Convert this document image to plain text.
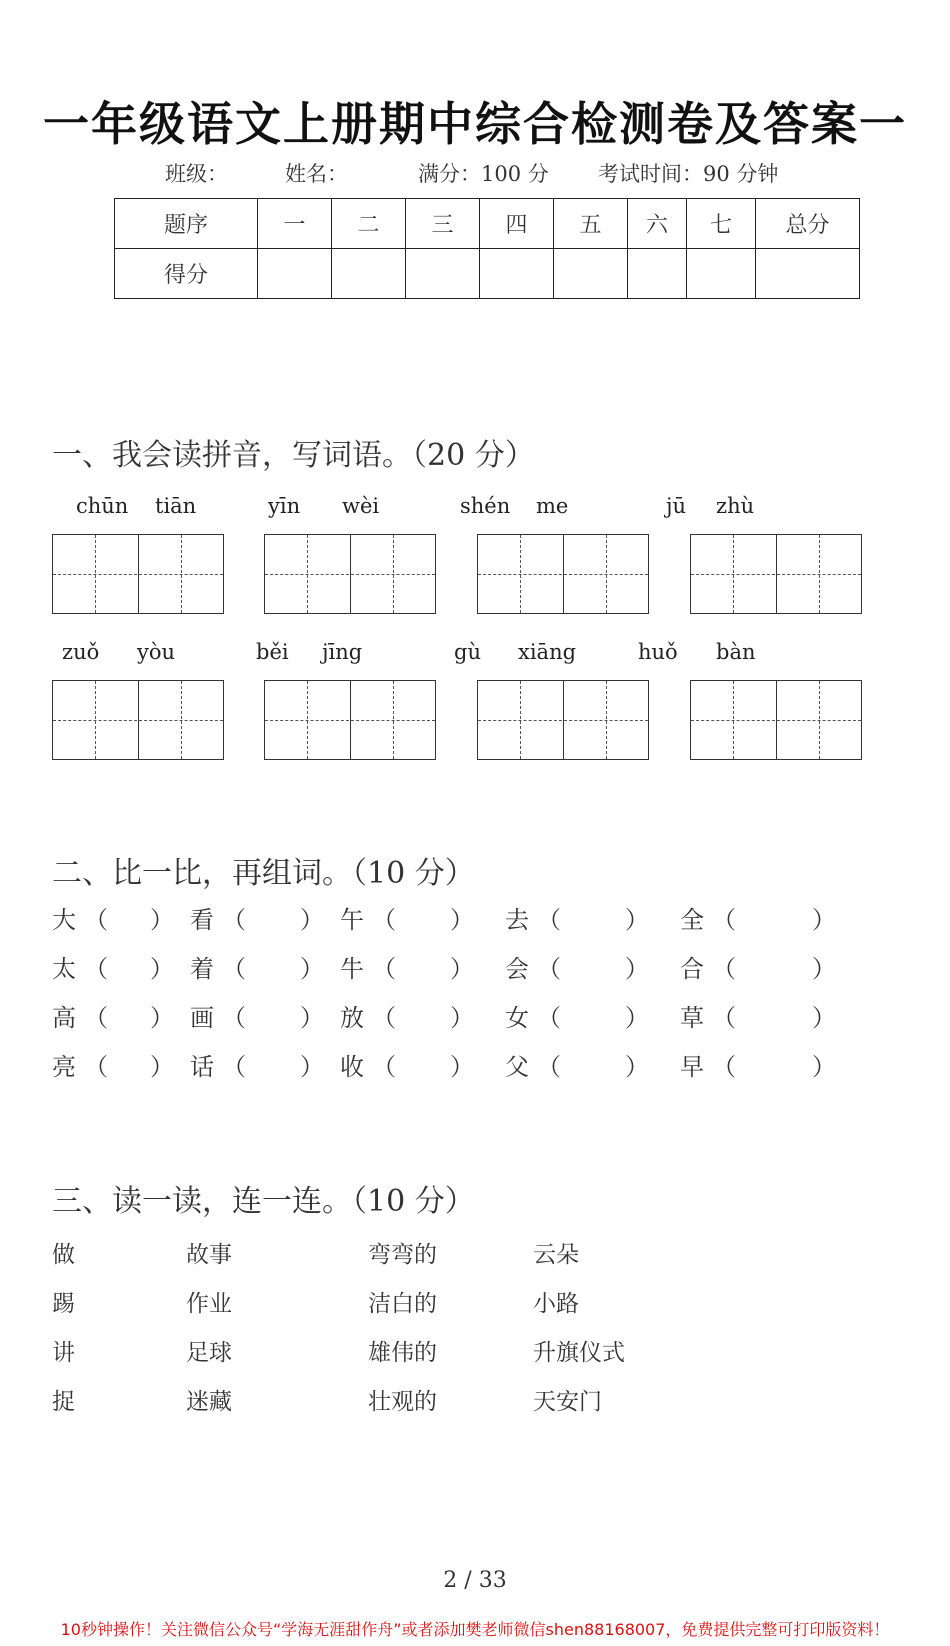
一年级语文上册期中综合检测卷及答案一
班级：	姓名：	满分：100 分 考试时间：90 分钟
题序	一	二	三	四	五	六	七	总分
得分								
一、我会读拼音，写词语。（20 分）
chūn tiān	yīn wèi	shén me	jū zhù
zuǒ yòu	běi jīng	gù xiāng	huǒ bàn
二、比一比，再组词。（10 分）
大 （ ） 看 （ ） 午 （ ） 去 （	） 全 （	）
太 （ ） 着 （ ） 牛 （ ） 会 （	） 合 （	）
高 （ ） 画 （ ） 放 （ ） 女 （	） 草 （	）
亮 （ ） 话 （ ） 收 （ ） 父 （	） 早 （	）
三、读一读，连一连。（10 分）
做
踢
讲
捉
故事
作业
足球
迷藏
弯弯的
洁白的
雄伟的
壮观的
云朵
小路
升旗仪式
天安门
2 / 33
10秒钟操作！关注微信公众号“学海无涯甜作舟”或者添加樊老师微信shen88168007，免费提供完整可打印版资料！
